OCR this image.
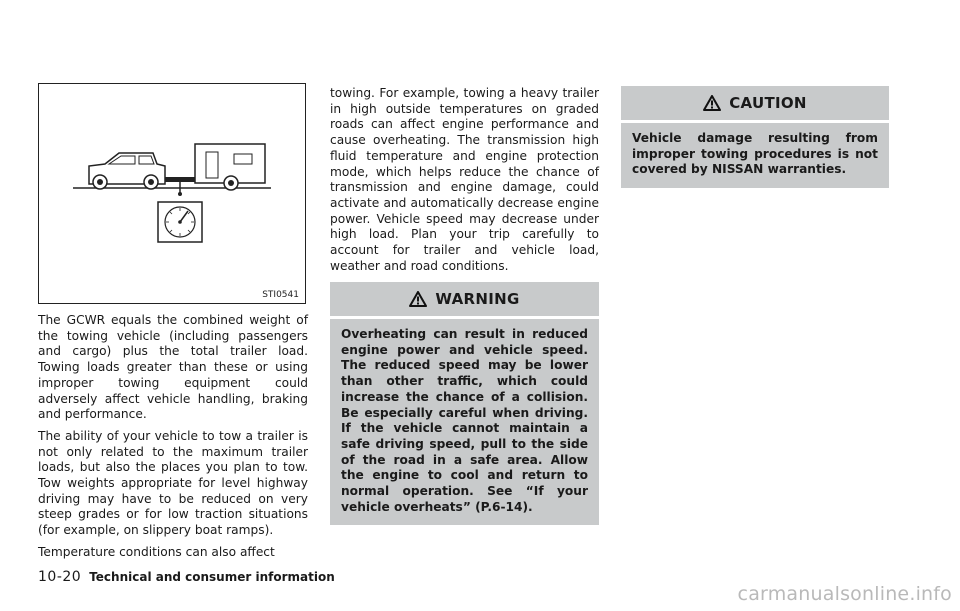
STI0541

The GCWR equals the combined weight of the towing vehicle (including passengers and cargo) plus the total trailer load. Towing loads greater than these or using improper towing equipment could adversely affect vehicle handling, braking and performance.

The ability of your vehicle to tow a trailer is not only related to the maximum trailer loads, but also the places you plan to tow. Tow weights appropriate for level highway driving may have to be reduced on very steep grades or for low traction situations (for example, on slippery boat ramps).

Temperature conditions can also affect

towing. For example, towing a heavy trailer in high outside temperatures on graded roads can affect engine performance and cause overheating. The transmission high fluid temperature and engine protection mode, which helps reduce the chance of transmission and engine damage, could activate and automatically decrease engine power. Vehicle speed may decrease under high load. Plan your trip carefully to account for trailer and vehicle load, weather and road conditions.

WARNING
Overheating can result in reduced engine power and vehicle speed. The reduced speed may be lower than other traffic, which could increase the chance of a collision. Be especially careful when driving. If the vehicle cannot maintain a safe driving speed, pull to the side of the road in a safe area. Allow the engine to cool and return to normal operation. See “If your vehicle overheats” (P.6-14).
CAUTION
Vehicle damage resulting from improper towing procedures is not covered by NISSAN warranties.
10-20 Technical and consumer information
carmanualsonline.info
